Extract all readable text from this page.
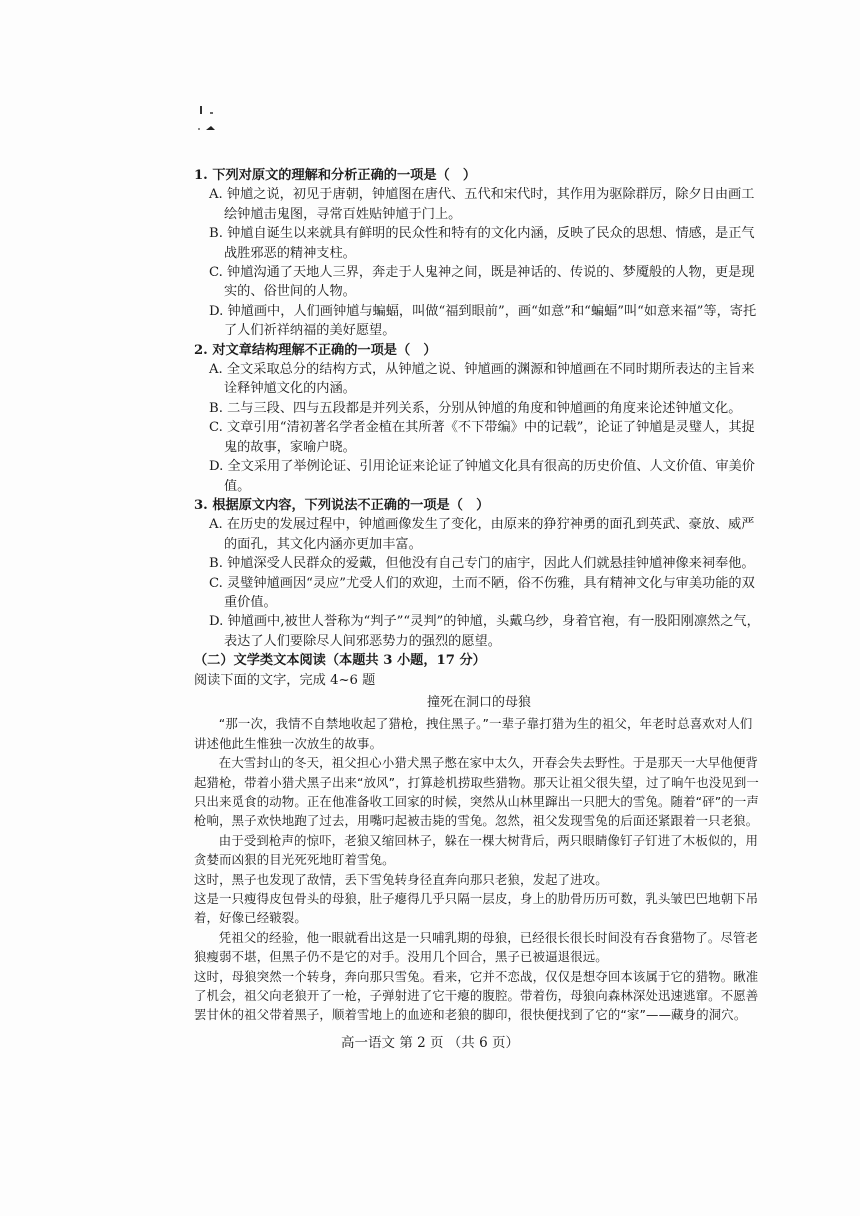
1. 下列对原文的理解和分析正确的一项是（　）
A. 钟馗之说，初见于唐朝，钟馗图在唐代、五代和宋代时，其作用为驱除群厉，除夕日由画工绘钟馗击鬼图，寻常百姓贴钟馗于门上。
B. 钟馗自诞生以来就具有鲜明的民众性和特有的文化内涵，反映了民众的思想、情感，是正气战胜邪恶的精神支柱。
C. 钟馗沟通了天地人三界，奔走于人鬼神之间，既是神话的、传说的、梦魇般的人物，更是现实的、俗世间的人物。
D. 钟馗画中，人们画钟馗与蝙蝠，叫做“福到眼前”，画“如意”和“蝙蝠”叫“如意来福”等，寄托了人们祈祥纳福的美好愿望。
2. 对文章结构理解不正确的一项是（　）
A. 全文采取总分的结构方式，从钟馗之说、钟馗画的渊源和钟馗画在不同时期所表达的主旨来诠释钟馗文化的内涵。
B. 二与三段、四与五段都是并列关系，分别从钟馗的角度和钟馗画的角度来论述钟馗文化。
C. 文章引用“清初著名学者金植在其所著《不下带编》中的记载”，论证了钟馗是灵璧人，其捉鬼的故事，家喻户晓。
D. 全文采用了举例论证、引用论证来论证了钟馗文化具有很高的历史价值、人文价值、审美价值。
3. 根据原文内容，下列说法不正确的一项是（　）
A. 在历史的发展过程中，钟馗画像发生了变化，由原来的狰狞神勇的面孔到英武、豪放、威严的面孔，其文化内涵亦更加丰富。
B. 钟馗深受人民群众的爱戴，但他没有自己专门的庙宇，因此人们就悬挂钟馗神像来祠奉他。
C. 灵璧钟馗画因“灵应”尤受人们的欢迎，土而不陋，俗不伤雅，具有精神文化与审美功能的双重价值。
D. 钟馗画中,被世人誉称为“判子”“灵判”的钟馗，头戴乌纱，身着官袍，有一股阳刚凛然之气，表达了人们要除尽人间邪恶势力的强烈的愿望。
（二）文学类文本阅读（本题共 3 小题，17 分）
阅读下面的文字，完成 4~6 题
撞死在洞口的母狼

“那一次，我情不自禁地收起了猎枪，拽住黑子。”一辈子靠打猎为生的祖父，年老时总喜欢对人们讲述他此生惟独一次放生的故事。

在大雪封山的冬天，祖父担心小猎犬黑子憋在家中太久，开春会失去野性。于是那天一大早他便背起猎枪，带着小猎犬黑子出来“放风”，打算趁机捞取些猎物。那天让祖父很失望，过了晌午也没见到一只出来觅食的动物。正在他准备收工回家的时候，突然从山林里蹿出一只肥大的雪兔。随着“砰”的一声枪响，黑子欢快地跑了过去，用嘴叼起被击毙的雪兔。忽然，祖父发现雪兔的后面还紧跟着一只老狼。

由于受到枪声的惊吓，老狼又缩回林子，躲在一棵大树背后，两只眼睛像钉子钉进了木板似的，用贪婪而凶狠的目光死死地盯着雪兔。

这时，黑子也发现了敌情，丢下雪兔转身径直奔向那只老狼，发起了进攻。

这是一只瘦得皮包骨头的母狼，肚子瘪得几乎只隔一层皮，身上的肋骨历历可数，乳头皱巴巴地朝下吊着，好像已经皲裂。

凭祖父的经验，他一眼就看出这是一只哺乳期的母狼，已经很长很长时间没有吞食猎物了。尽管老狼瘦弱不堪，但黑子仍不是它的对手。没用几个回合，黑子已被逼退很远。

这时，母狼突然一个转身，奔向那只雪兔。看来，它并不恋战，仅仅是想夺回本该属于它的猎物。瞅准了机会，祖父向老狼开了一枪，子弹射进了它干瘪的腹腔。带着伤，母狼向森林深处迅速逃窜。不愿善罢甘休的祖父带着黑子，顺着雪地上的血迹和老狼的脚印，很快便找到了它的“家”——藏身的洞穴。

高一语文 第 2 页 （共 6 页）
